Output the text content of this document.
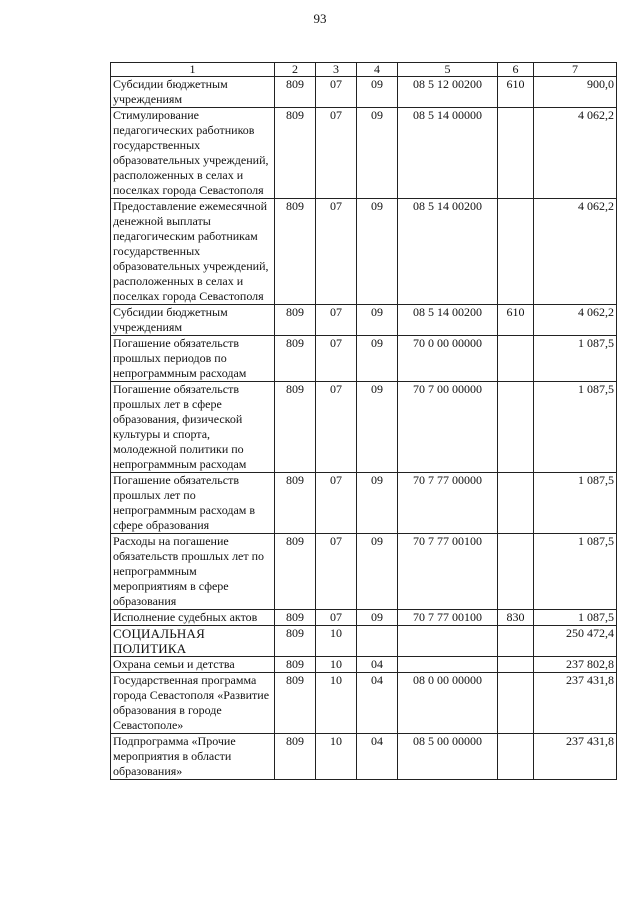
93
1	2	3	4	5	6	7
Субсидии бюджетным учреждениям	809	07	09	08 5 12 00200	610	900,0
Стимулирование педагогических работников государственных образовательных учреждений, расположенных в селах и поселках города Севастополя	809	07	09	08 5 14 00000		4 062,2
Предоставление ежемесячной денежной выплаты педагогическим работникам государственных образовательных учреждений, расположенных в селах и поселках города Севастополя	809	07	09	08 5 14 00200		4 062,2
Субсидии бюджетным учреждениям	809	07	09	08 5 14 00200	610	4 062,2
Погашение обязательств прошлых периодов по непрограммным расходам	809	07	09	70 0 00 00000		1 087,5
Погашение обязательств прошлых лет в сфере образования, физической культуры и спорта, молодежной политики по непрограммным расходам	809	07	09	70 7 00 00000		1 087,5
Погашение обязательств прошлых лет по непрограммным расходам в сфере образования	809	07	09	70 7 77 00000		1 087,5
Расходы на погашение обязательств прошлых лет по непрограммным мероприятиям в сфере образования	809	07	09	70 7 77 00100		1 087,5
Исполнение судебных актов	809	07	09	70 7 77 00100	830	1 087,5
СОЦИАЛЬНАЯ ПОЛИТИКА	809	10				250 472,4
Охрана семьи и детства	809	10	04			237 802,8
Государственная программа города Севастополя «Развитие образования в городе Севастополе»	809	10	04	08 0 00 00000		237 431,8
Подпрограмма «Прочие мероприятия в области образования»	809	10	04	08 5 00 00000		237 431,8
